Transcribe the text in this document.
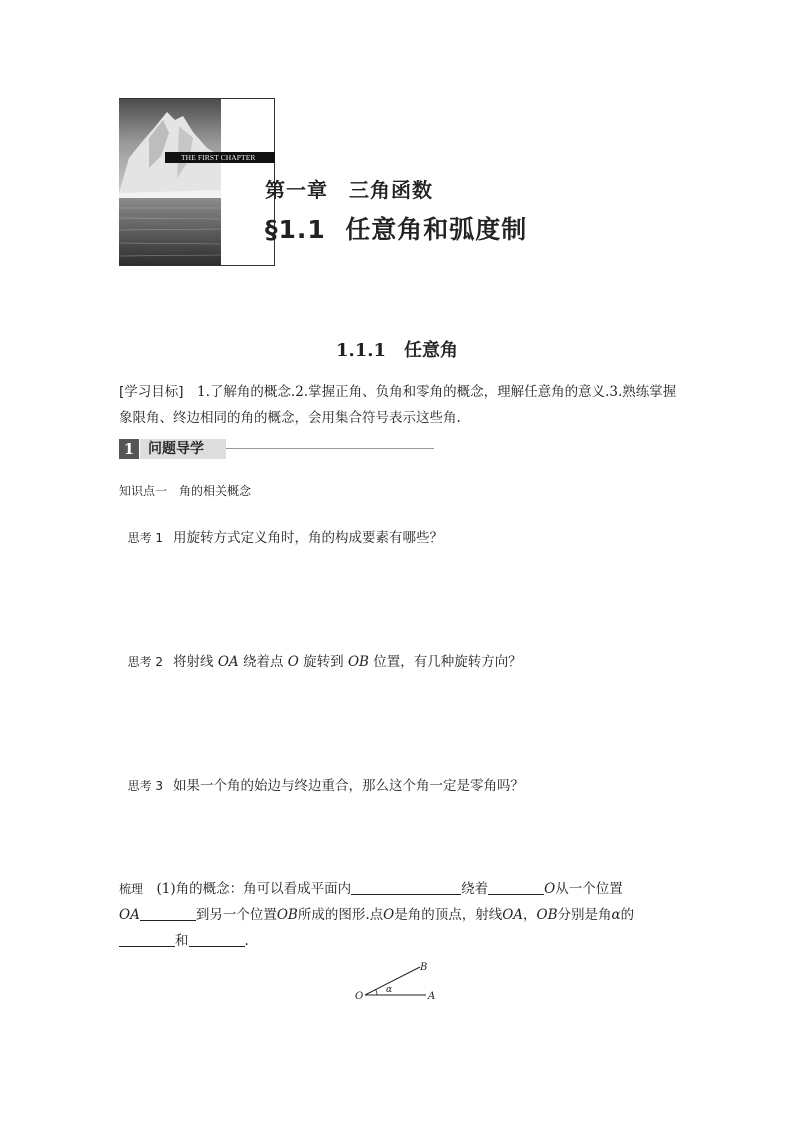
THE FIRST CHAPTER
第一章　三角函数
§1.1  任意角和弧度制
1.1.1　任意角
[学习目标]　1.了解角的概念.2.掌握正角、负角和零角的概念，理解任意角的意义.3.熟练掌握象限角、终边相同的角的概念，会用集合符号表示这些角.
1 问题导学
知识点一　角的相关概念

思考 1 用旋转方式定义角时，角的构成要素有哪些？

思考 2 将射线 OA 绕着点 O 旋转到 OB 位置，有几种旋转方向？

思考 3 如果一个角的始边与终边重合，那么这个角一定是零角吗？

梳理　(1)角的概念：角可以看成平面内	绕着	O从一个位置
OA	到另一个位置OB所成的图形.点O是角的顶点，射线OA，OB分别是角α的
和	.
O	A
B
α
